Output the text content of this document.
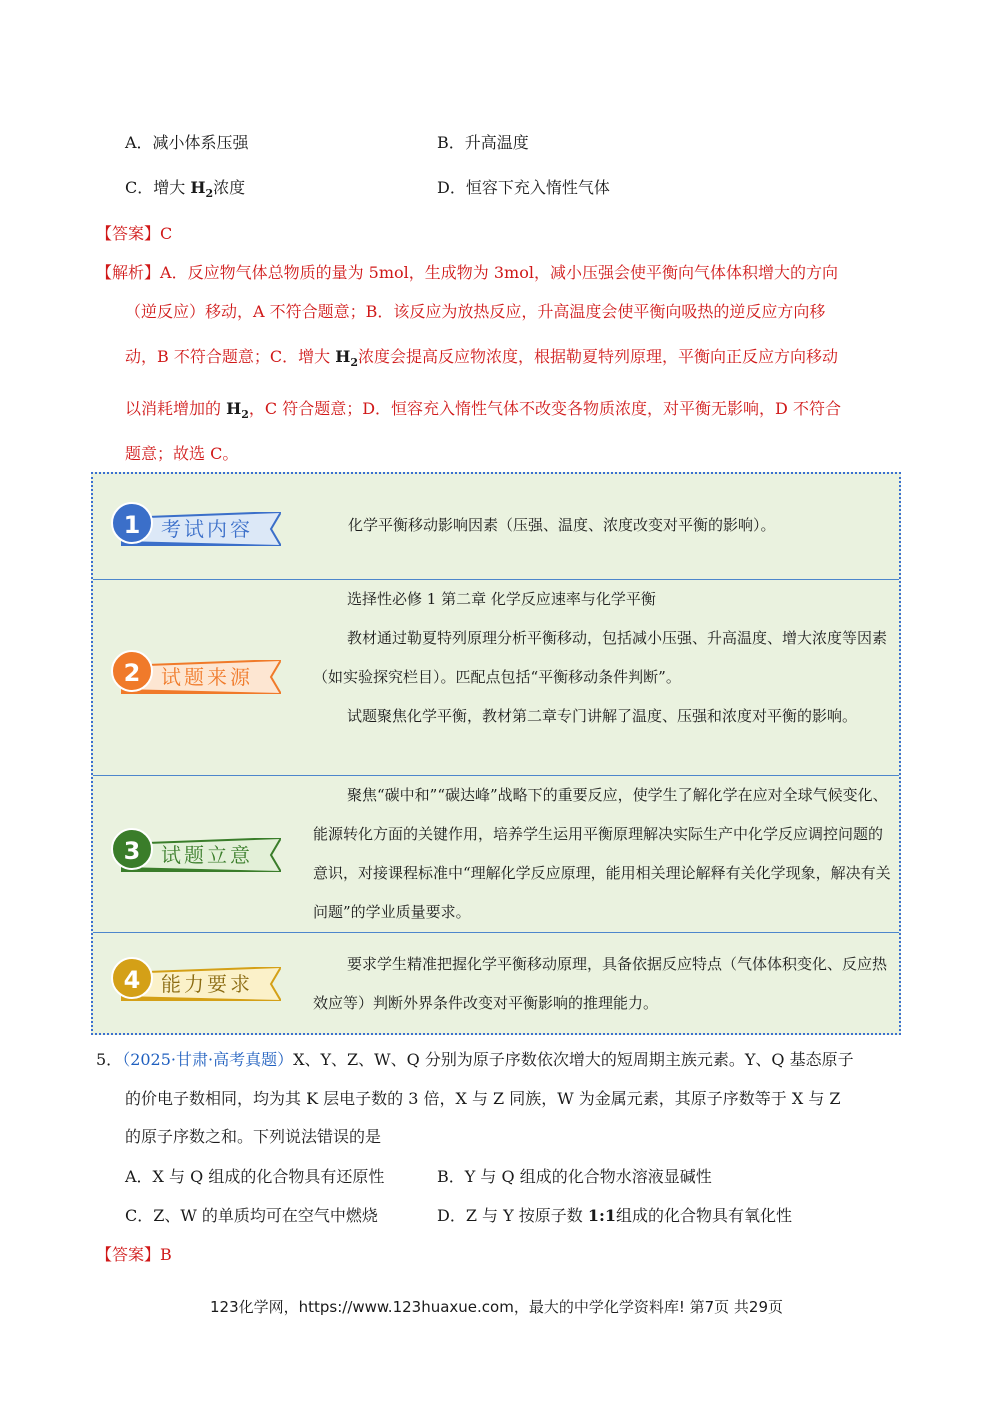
A．减小体系压强	B．升高温度
C．增大 $H_2$浓度	D．恒容下充入惰性气体
【答案】C
【解析】A．反应物气体总物质的量为 5mol，生成物为 3mol，减小压强会使平衡向气体体积增大的方向
（逆反应）移动，A 不符合题意；B．该反应为放热反应，升高温度会使平衡向吸热的逆反应方向移
动，B 不符合题意；C．增大 $H_2$浓度会提高反应物浓度，根据勒夏特列原理，平衡向正反应方向移动
以消耗增加的 $H_2$，C 符合题意；D．恒容充入惰性气体不改变各物质浓度，对平衡无影响，D 不符合
题意；故选 C。
1	考试内容	化学平衡移动影响因素（压强、温度、浓度改变对平衡的影响）。

2	试题来源

选择性必修 1 第二章 化学反应速率与化学平衡

教材通过勒夏特列原理分析平衡移动，包括减小压强、升高温度、增大浓度等因素（如实验探究栏目）。匹配点包括“平衡移动条件判断”。

试题聚焦化学平衡，教材第二章专门讲解了温度、压强和浓度对平衡的影响。

3	试题立意

聚焦“碳中和”“碳达峰”战略下的重要反应，使学生了解化学在应对全球气候变化、能源转化方面的关键作用，培养学生运用平衡原理解决实际生产中化学反应调控问题的意识，对接课程标准中“理解化学反应原理，能用相关理论解释有关化学现象，解决有关问题”的学业质量要求。

4	能力要求

要求学生精准把握化学平衡移动原理，具备依据反应特点（气体体积变化、反应热效应等）判断外界条件改变对平衡影响的推理能力。

5．（2025·甘肃·高考真题）X、Y、Z、W、Q 分别为原子序数依次增大的短周期主族元素。Y、Q 基态原子
的价电子数相同，均为其 K 层电子数的 3 倍，X 与 Z 同族，W 为金属元素，其原子序数等于 X 与 Z
的原子序数之和。下列说法错误的是
A．X 与 Q 组成的化合物具有还原性	B．Y 与 Q 组成的化合物水溶液显碱性
C．Z、W 的单质均可在空气中燃烧	D．Z 与 Y 按原子数 1:1组成的化合物具有氧化性
【答案】B
123化学网，https://www.123huaxue.com，最大的中学化学资料库! 第7页 共29页
